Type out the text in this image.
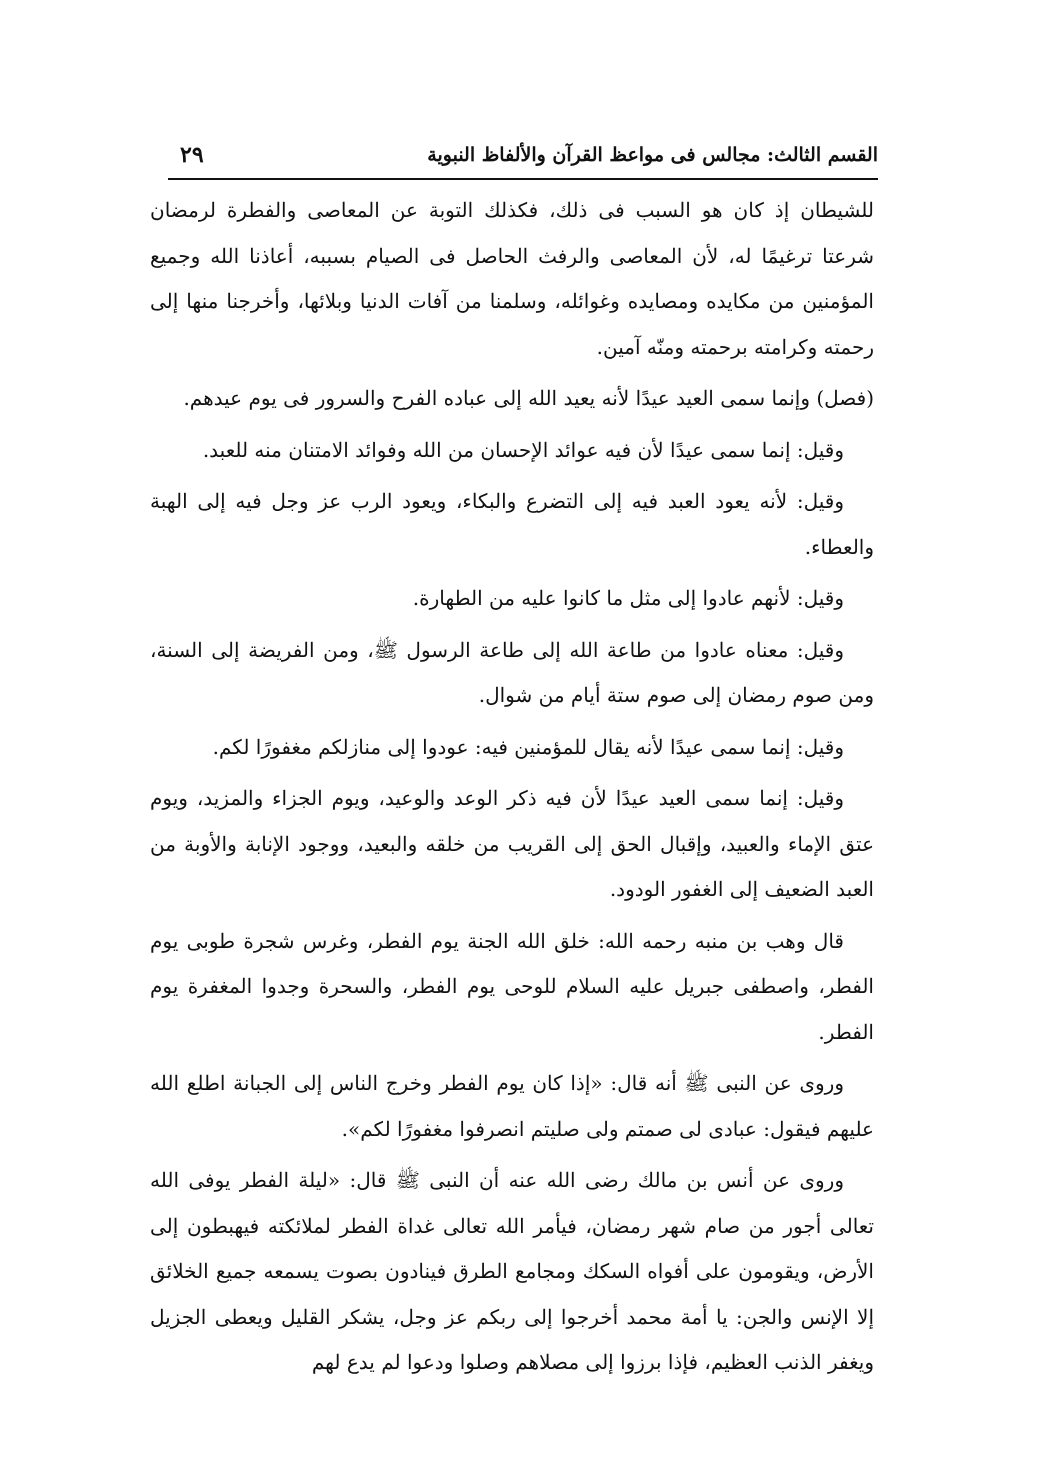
القسم الثالث: مجالس فى مواعظ القرآن والألفاظ النبوية
٢٩

للشيطان إذ كان هو السبب فى ذلك، فكذلك التوبة عن المعاصى والفطرة لرمضان شرعتا ترغيمًا له، لأن المعاصى والرفث الحاصل فى الصيام بسببه، أعاذنا الله وجميع المؤمنين من مكايده ومصايده وغوائله، وسلمنا من آفات الدنيا وبلائها، وأخرجنا منها إلى رحمته وكرامته برحمته ومنّه آمين.

(فصل) وإنما سمى العيد عيدًا لأنه يعيد الله إلى عباده الفرح والسرور فى يوم عيدهم.

وقيل: إنما سمى عيدًا لأن فيه عوائد الإحسان من الله وفوائد الامتنان منه للعبد.

وقيل: لأنه يعود العبد فيه إلى التضرع والبكاء، ويعود الرب عز وجل فيه إلى الهبة والعطاء.

وقيل: لأنهم عادوا إلى مثل ما كانوا عليه من الطهارة.

وقيل: معناه عادوا من طاعة الله إلى طاعة الرسول ﷺ، ومن الفريضة إلى السنة، ومن صوم رمضان إلى صوم ستة أيام من شوال.

وقيل: إنما سمى عيدًا لأنه يقال للمؤمنين فيه: عودوا إلى منازلكم مغفورًا لكم.

وقيل: إنما سمى العيد عيدًا لأن فيه ذكر الوعد والوعيد، ويوم الجزاء والمزيد، ويوم عتق الإماء والعبيد، وإقبال الحق إلى القريب من خلقه والبعيد، ووجود الإنابة والأوبة من العبد الضعيف إلى الغفور الودود.

قال وهب بن منبه رحمه الله: خلق الله الجنة يوم الفطر، وغرس شجرة طوبى يوم الفطر، واصطفى جبريل عليه السلام للوحى يوم الفطر، والسحرة وجدوا المغفرة يوم الفطر.

وروى عن النبى ﷺ أنه قال: «إذا كان يوم الفطر وخرج الناس إلى الجبانة اطلع الله عليهم فيقول: عبادى لى صمتم ولى صليتم انصرفوا مغفورًا لكم».

وروى عن أنس بن مالك رضى الله عنه أن النبى ﷺ قال: «ليلة الفطر يوفى الله تعالى أجور من صام شهر رمضان، فيأمر الله تعالى غداة الفطر لملائكته فيهبطون إلى الأرض، ويقومون على أفواه السكك ومجامع الطرق فينادون بصوت يسمعه جميع الخلائق إلا الإنس والجن: يا أمة محمد أخرجوا إلى ربكم عز وجل، يشكر القليل ويعطى الجزيل ويغفر الذنب العظيم، فإذا برزوا إلى مصلاهم وصلوا ودعوا لم يدع لهم
